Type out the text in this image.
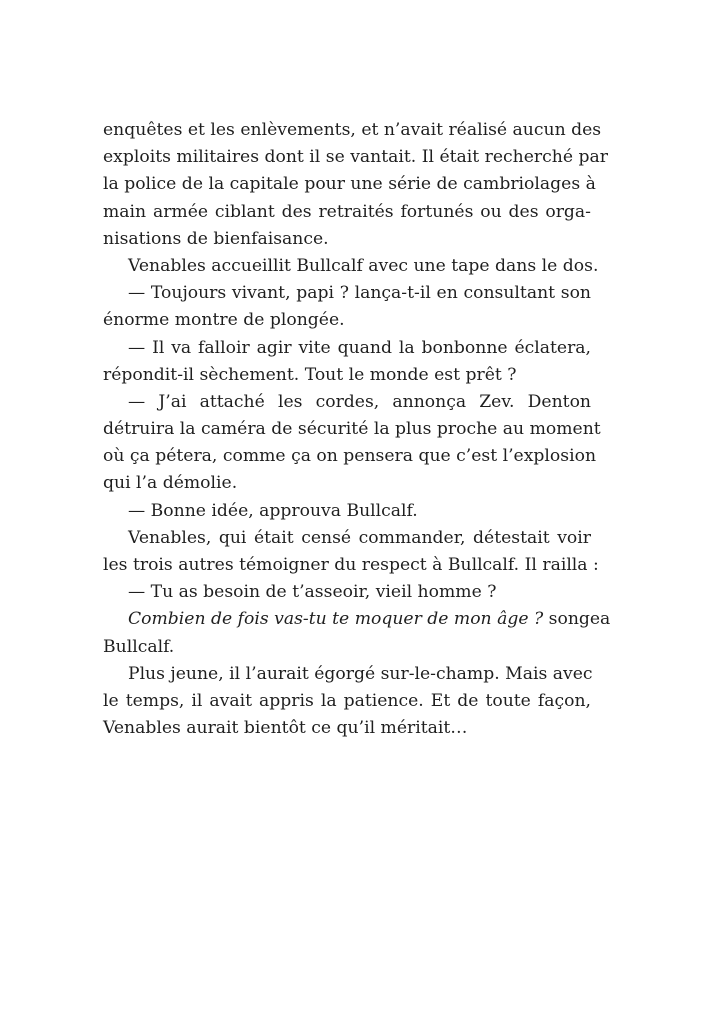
enquêtes et les enlèvements, et n’avait réalisé aucun des
exploits militaires dont il se vantait. Il était recherché par
la police de la capitale pour une série de cambriolages à
main armée ciblant des retraités fortunés ou des orga-
nisations de bienfaisance.
Venables accueillit Bullcalf avec une tape dans le dos.
— Toujours vivant, papi ? lança-t-il en consultant son
énorme montre de plongée.
— Il va falloir agir vite quand la bonbonne éclatera,
répondit-il sèchement. Tout le monde est prêt ?
— J’ai attaché les cordes, annonça Zev. Denton
détruira la caméra de sécurité la plus proche au moment
où ça pétera, comme ça on pensera que c’est l’explosion
qui l’a démolie.
— Bonne idée, approuva Bullcalf.
Venables, qui était censé commander, détestait voir
les trois autres témoigner du respect à Bullcalf. Il railla :
— Tu as besoin de t’asseoir, vieil homme ?
Combien de fois vas-tu te moquer de mon âge ? songea
Bullcalf.
Plus jeune, il l’aurait égorgé sur-le-champ. Mais avec
le temps, il avait appris la patience. Et de toute façon,
Venables aurait bientôt ce qu’il méritait…
